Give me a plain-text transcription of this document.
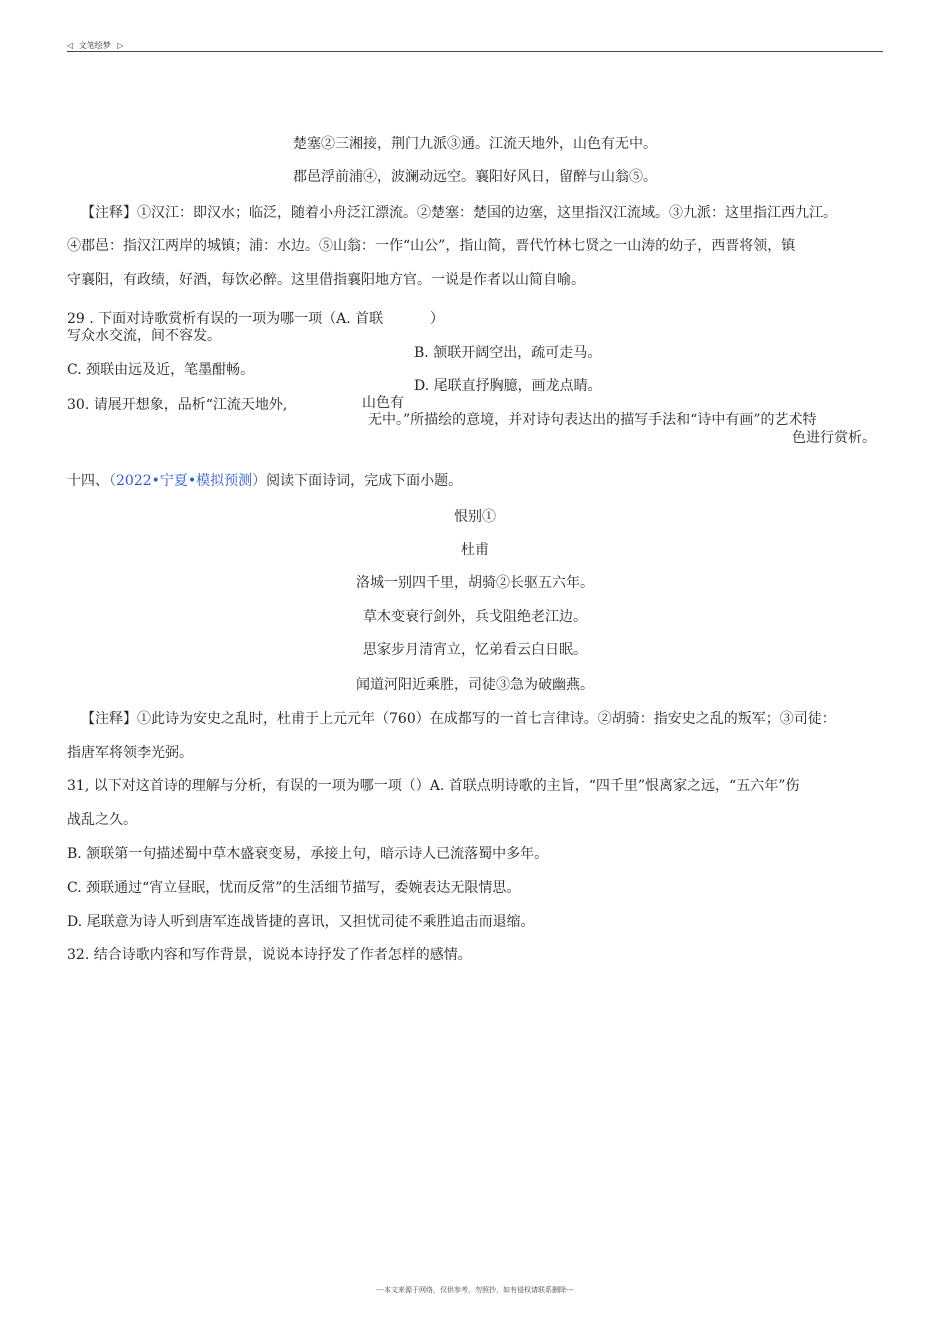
◁ 文笔绘梦 ▷
楚塞②三湘接，荆门九派③通。江流天地外，山色有无中。
郡邑浮前浦④，波澜动远空。襄阳好风日，留醉与山翁⑤。
【注释】①汉江：即汉水；临泛，随着小舟泛江漂流。②楚塞：楚国的边塞，这里指汉江流域。③九派：这里指江西九江。
④郡邑：指汉江两岸的城镇；浦：水边。⑤山翁：一作“山公”，指山简，晋代竹林七贤之一山涛的幼子，西晋将领，镇
守襄阳，有政绩，好酒，每饮必醉。这里借指襄阳地方官。一说是作者以山简自喻。
29 . 下面对诗歌赏析有误的一项为哪一项（A. 首联	）
写众水交流，间不容发。
B. 颔联开阔空出，疏可走马。
C. 颈联由远及近，笔墨酣畅。
D. 尾联直抒胸臆，画龙点睛。
30. 请展开想象，品析“江流天地外,	山色有
无中。”所描绘的意境，并对诗句表达出的描写手法和“诗中有画”的艺术特
色进行赏析。
十四、（2022•宁夏•模拟预测）阅读下面诗词，完成下面小题。
恨别①
杜甫
洛城一别四千里，胡骑②长驱五六年。
草木变衰行剑外，兵戈阻绝老江边。
思家步月清宵立，忆弟看云白日眠。
闻道河阳近乘胜，司徒③急为破幽燕。
【注释】①此诗为安史之乱时，杜甫于上元元年（760）在成都写的一首七言律诗。②胡骑：指安史之乱的叛军；③司徒：
指唐军将领李光弼。
31, 以下对这首诗的理解与分析，有误的一项为哪一项（）A. 首联点明诗歌的主旨，“四千里”恨离家之远，“五六年”伤
战乱之久。
B. 颔联第一句描述蜀中草木盛衰变易，承接上句，暗示诗人已流落蜀中多年。
C. 颈联通过“宵立昼眠，忧而反常”的生活细节描写，委婉表达无限情思。
D. 尾联意为诗人听到唐军连战皆捷的喜讯，又担忧司徒不乘胜追击而退缩。
32. 结合诗歌内容和写作背景，说说本诗抒发了作者怎样的感情。
---本文来源于网络，仅供参考，勿照抄，如有侵权请联系删除---
